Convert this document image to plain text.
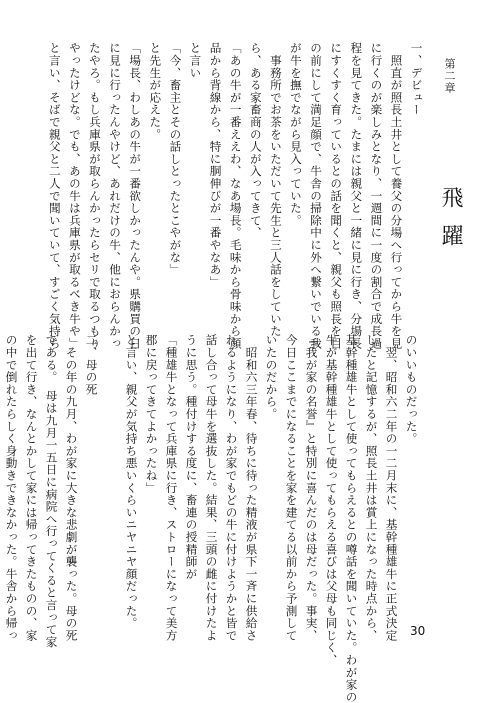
第二章
飛躍
一、デビュー
　照直が照長土井として養父の分場へ行ってから牛を見
に行くのが楽しみとなり、一週間に一度の割合で成長過
程を見てきた。たまには親父と一緒に見に行き、分場長
にすくすく育っているとの話を聞くと、親父も照長を目
の前にして満足顔で、牛舎の掃除中に外へ繋いでいる我
が牛を撫でながら見入っていた。
　事務所でお茶をいただいて先生と三人話をしていた
ら、ある家畜商の人が入ってきて、
「あの牛が一番ええわ、なあ場長。毛味から骨味から顔
品から背線から、特に胴伸びが一番やなあ」
と言い
「今、畜主とその話しとったとこやがな」
と先生が応えた。
「場長、わしあの牛が一番欲しかったんや。県購買の日
に見に行ったんやけど、あれだけの牛、他におらんかっ
たやろ。もし兵庫県が取らんかったらセリで取るつもり
やったけどな。でも、あの牛は兵庫県が取るべき牛や」
と言い、そばで親父と二人で聞いていて、すごく気持ち
のいいものだった。
　翌、昭和六二年の一二月末に、基幹種雄牛に正式決定
したと記憶するが、照長土井は賞上になった時点から、
基幹種雄牛として使ってもらえるとの噂話を聞いていた。わが家の
牛が基幹種雄牛として使ってもらえる喜びは父母も同じく、
『我が家の名誉』と特別に喜んだのは母だった。事実、
今日ここまでになることを家を建てる以前から予測して
いたのだから。
　昭和六三年春、待ちに待った精液が県下一斉に供給さ
れるようになり、わが家でもどの牛に付けようかと皆で
話し合って母牛を選抜した。結果、三頭の雌に付けたよ
うに思う。種付けする度に、畜連の授精師が
「種雄牛となって兵庫県に行き、ストローになって美方
郡に戻ってきてよかったね」
と言い、親父が気持ち悪いくらいニヤニヤ顔だった。
二、母の死
　その年の九月、わが家に大きな悲劇が襲った。母の死
である。　母は九月一五日に病院へ行ってくると言って家
を出て行き、なんとかして家には帰ってきたものの、家
の中で倒れたらしく身動きできなかった。牛舎から帰っ	30
